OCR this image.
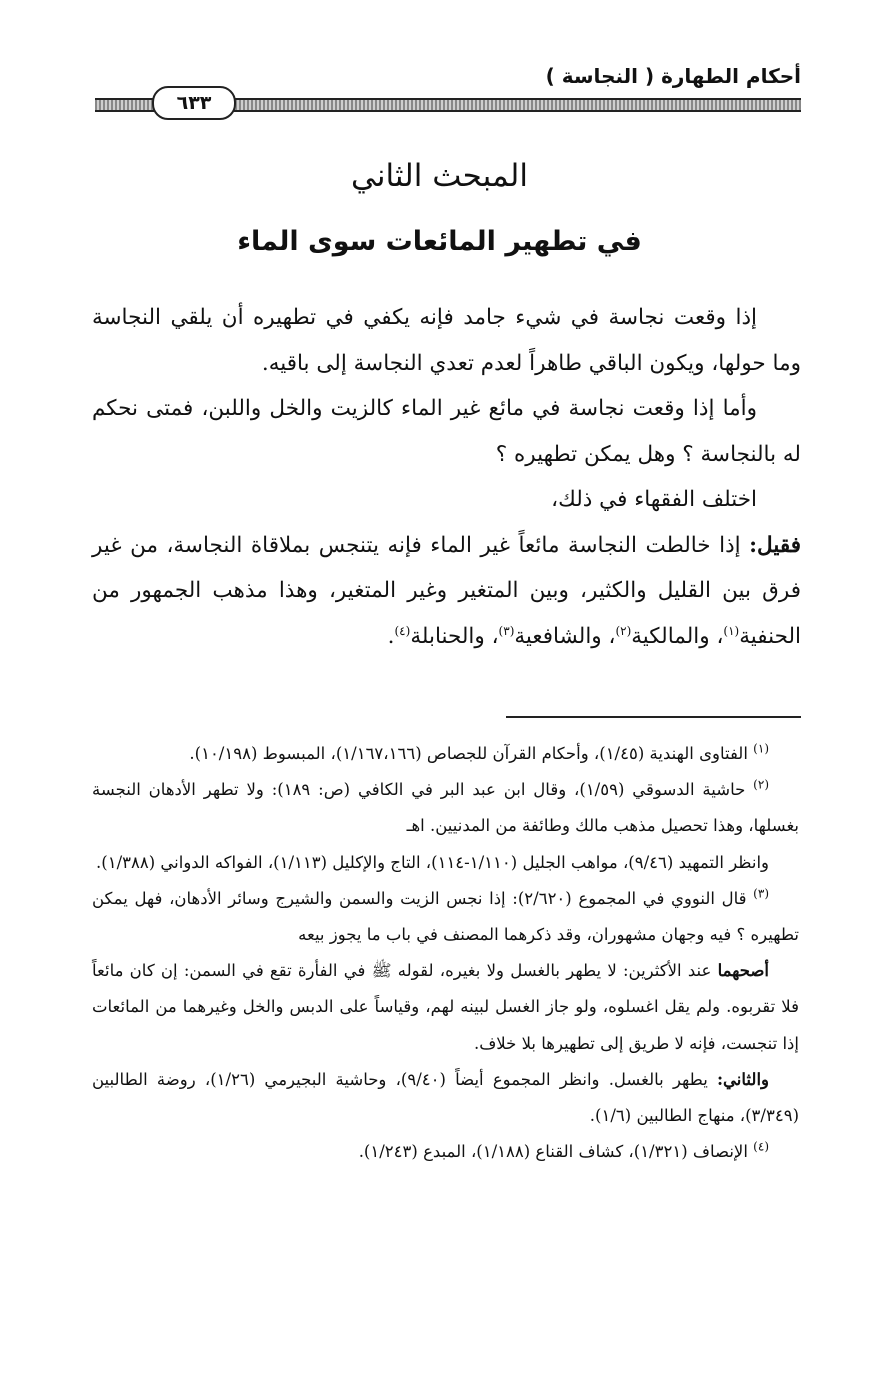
أحكام الطهارة ( النجاسة )
٦٣٣
المبحث الثاني
في تطهير المائعات سوى الماء

إذا وقعت نجاسة في شيء جامد فإنه يكفي في تطهيره أن يلقي النجاسة وما حولها، ويكون الباقي طاهراً لعدم تعدي النجاسة إلى باقيه.

وأما إذا وقعت نجاسة في مائع غير الماء كالزيت والخل واللبن، فمتى نحكم له بالنجاسة ؟ وهل يمكن تطهيره ؟

اختلف الفقهاء في ذلك،

فقيل: إذا خالطت النجاسة مائعاً غير الماء فإنه يتنجس بملاقاة النجاسة، من غير فرق بين القليل والكثير، وبين المتغير وغير المتغير، وهذا مذهب الجمهور من الحنفية$^{(١)}$، والمالكية$^{(٢)}$، والشافعية$^{(٣)}$، والحنابلة$^{(٤)}$.

$^{(١)}$ الفتاوى الهندية (١/٤٥)، وأحكام القرآن للجصاص (١/١٦٧،١٦٦)، المبسوط (١٠/١٩٨).

$^{(٢)}$ حاشية الدسوقي (١/٥٩)، وقال ابن عبد البر في الكافي (ص: ١٨٩): ولا تطهر الأدهان النجسة بغسلها، وهذا تحصيل مذهب مالك وطائفة من المدنيين. اهـ

وانظر التمهيد (٩/٤٦)، مواهب الجليل (١/١١٠-١١٤)، التاج والإكليل (١/١١٣)، الفواكه الدواني (١/٣٨٨).

$^{(٣)}$ قال النووي في المجموع (٢/٦٢٠): إذا نجس الزيت والسمن والشيرج وسائر الأدهان، فهل يمكن تطهيره ؟ فيه وجهان مشهوران، وقد ذكرهما المصنف في باب ما يجوز بيعه

أصحهما عند الأكثرين: لا يطهر بالغسل ولا بغيره، لقوله ﷺ في الفأرة تقع في السمن: إن كان مائعاً فلا تقربوه. ولم يقل اغسلوه، ولو جاز الغسل لبينه لهم، وقياساً على الدبس والخل وغيرهما من المائعات إذا تنجست، فإنه لا طريق إلى تطهيرها بلا خلاف.

والثاني: يطهر بالغسل. وانظر المجموع أيضاً (٩/٤٠)، وحاشية البجيرمي (١/٢٦)، روضة الطالبين (٣/٣٤٩)، منهاج الطالبين (١/٦).

$^{(٤)}$ الإنصاف (١/٣٢١)، كشاف القناع (١/١٨٨)، المبدع (١/٢٤٣).
